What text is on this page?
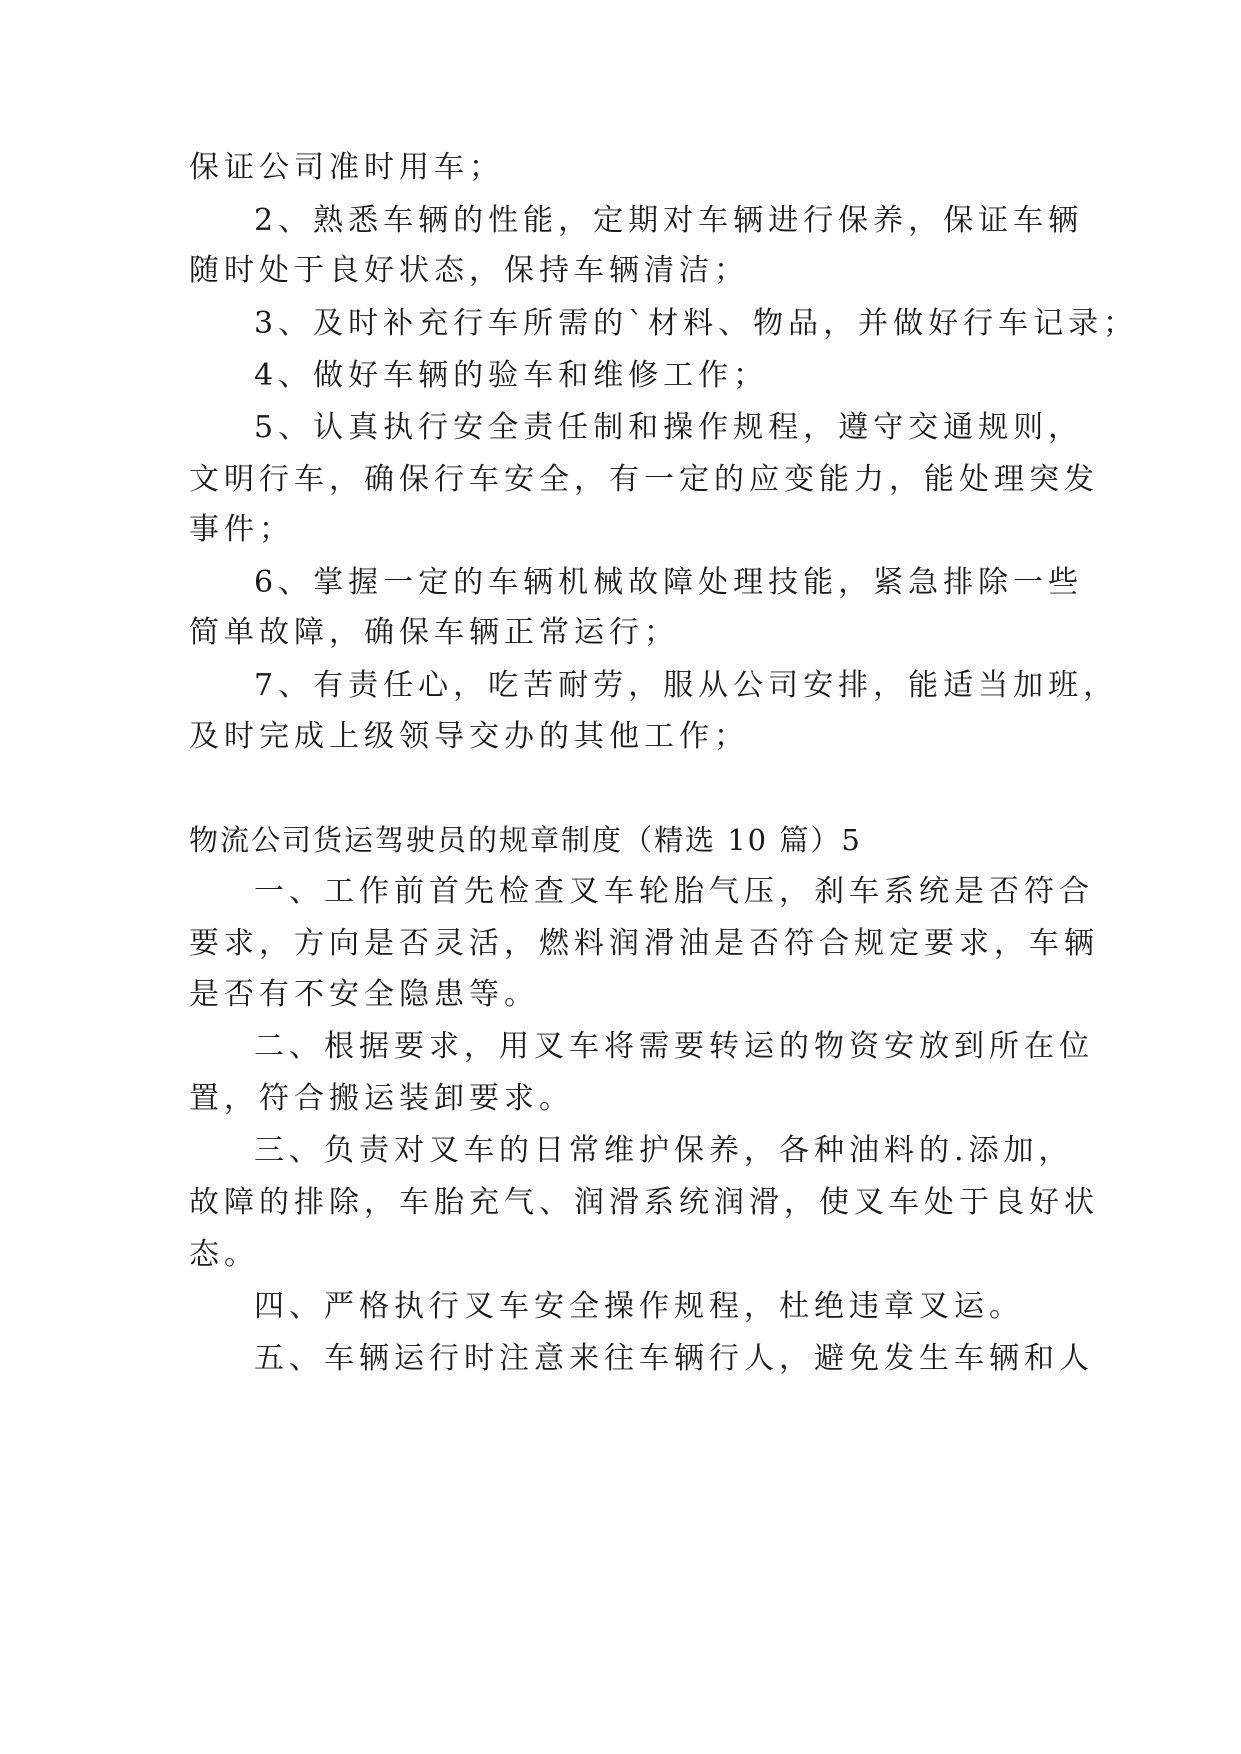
保证公司准时用车；
2、熟悉车辆的性能，定期对车辆进行保养，保证车辆
随时处于良好状态，保持车辆清洁；
3、及时补充行车所需的`材料、物品，并做好行车记录；
4、做好车辆的验车和维修工作；
5、认真执行安全责任制和操作规程，遵守交通规则，
文明行车，确保行车安全，有一定的应变能力，能处理突发
事件；
6、掌握一定的车辆机械故障处理技能，紧急排除一些
简单故障，确保车辆正常运行；
7、有责任心，吃苦耐劳，服从公司安排，能适当加班，
及时完成上级领导交办的其他工作；
物流公司货运驾驶员的规章制度（精选 10 篇）5
一、工作前首先检查叉车轮胎气压，刹车系统是否符合
要求，方向是否灵活，燃料润滑油是否符合规定要求，车辆
是否有不安全隐患等。
二、根据要求，用叉车将需要转运的物资安放到所在位
置，符合搬运装卸要求。
三、负责对叉车的日常维护保养，各种油料的.添加，
故障的排除，车胎充气、润滑系统润滑，使叉车处于良好状
态。
四、严格执行叉车安全操作规程，杜绝违章叉运。
五、车辆运行时注意来往车辆行人，避免发生车辆和人
